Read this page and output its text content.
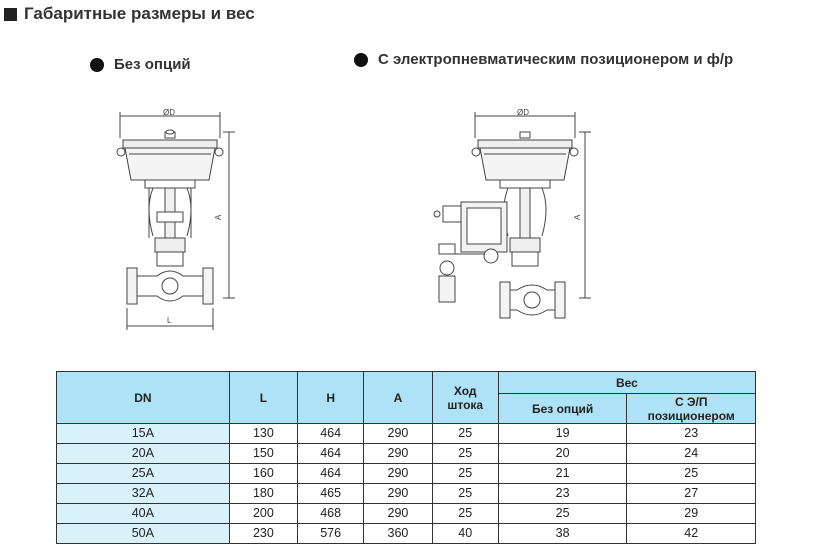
Габаритные размеры и вес
Без опций	С электропневматическим позиционером и ф/р
ØD
A
L
ØD
A
DN	L	H	A	Ход штока	Вес	
					Без опций	С Э/П позиционером
15A	130	464	290	25	19	23
20A	150	464	290	25	20	24
25A	160	464	290	25	21	25
32A	180	465	290	25	23	27
40A	200	468	290	25	25	29
50A	230	576	360	40	38	42
